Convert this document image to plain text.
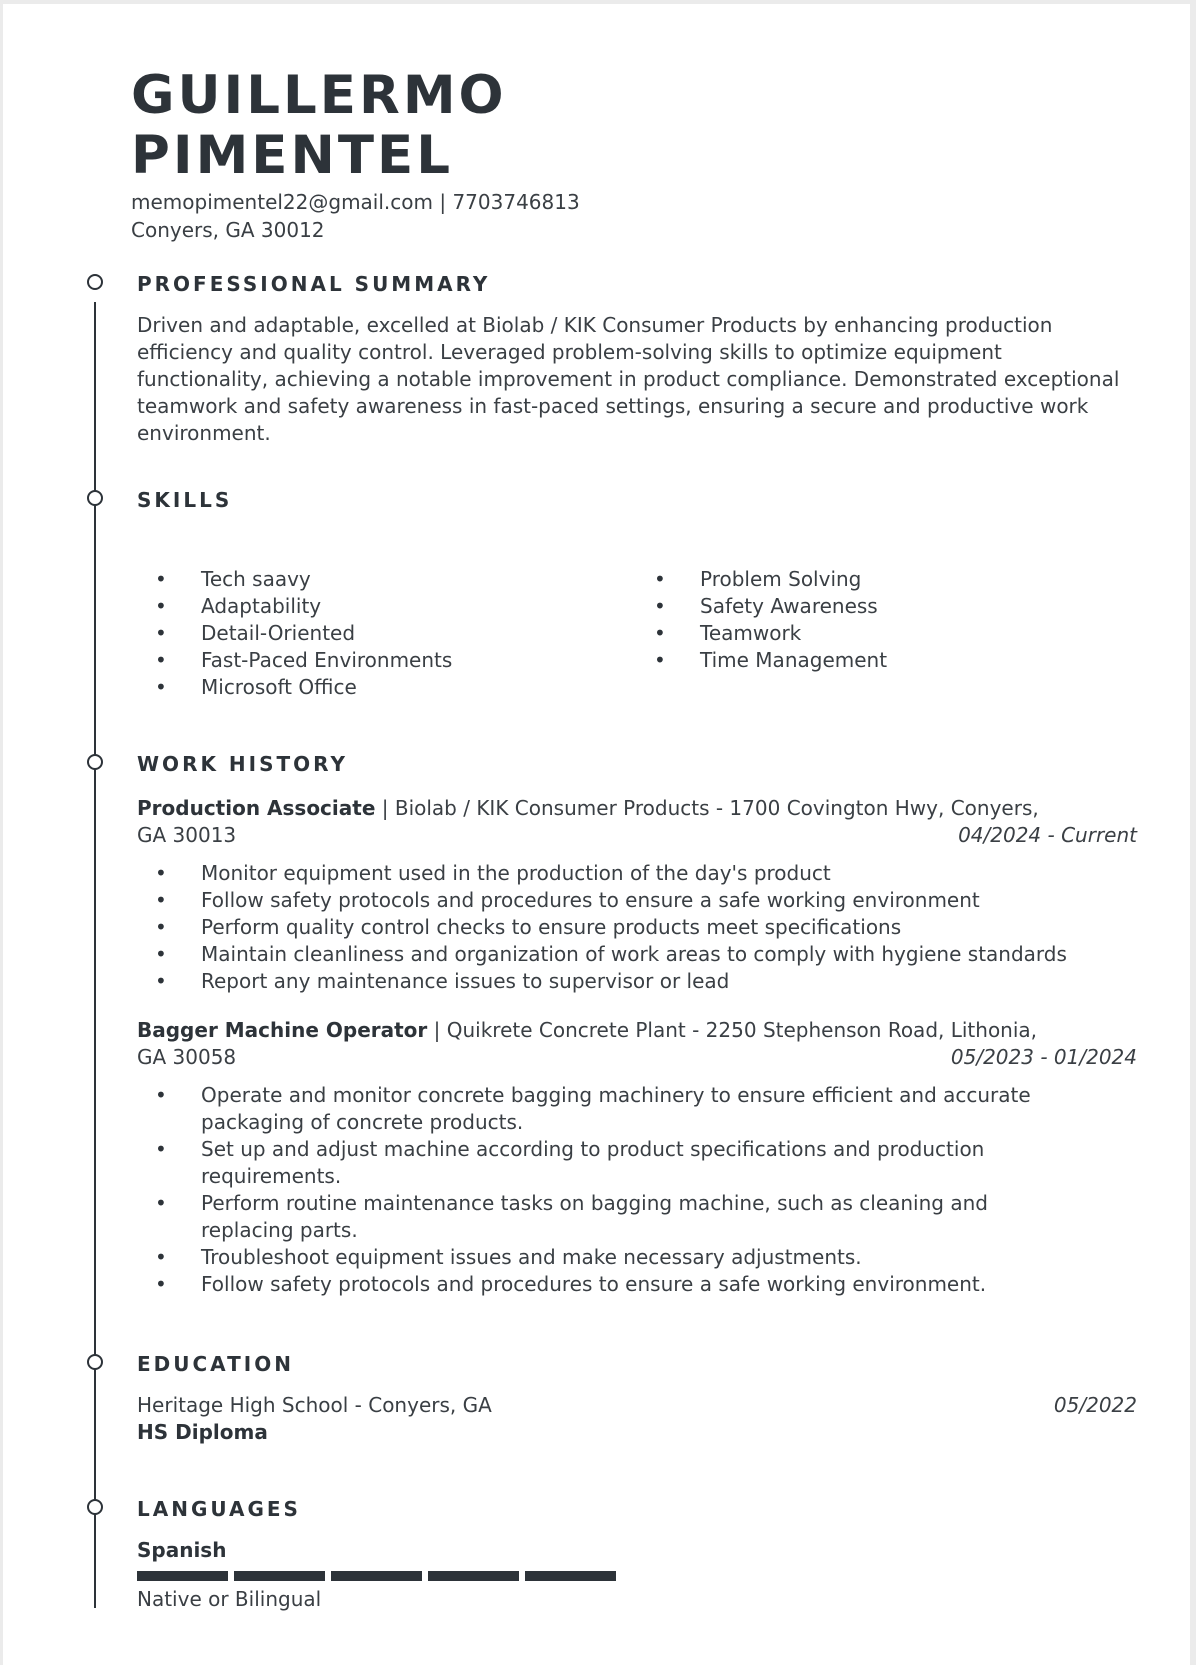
GUILLERMO
PIMENTEL
memopimentel22@gmail.com | 7703746813
Conyers, GA 30012
PROFESSIONAL SUMMARY
Driven and adaptable, excelled at Biolab / KIK Consumer Products by enhancing production efficiency and quality control. Leveraged problem-solving skills to optimize equipment functionality, achieving a notable improvement in product compliance. Demonstrated exceptional teamwork and safety awareness in fast-paced settings, ensuring a secure and productive work environment.
SKILLS
• Tech saavy
• Adaptability
• Detail-Oriented
• Fast-Paced Environments
• Microsoft Office
• Problem Solving
• Safety Awareness
• Teamwork
• Time Management
WORK HISTORY
Production Associate | Biolab / KIK Consumer Products - 1700 Covington Hwy, Conyers,
GA 30013	04/2024 - Current
• Monitor equipment used in the production of the day's product
• Follow safety protocols and procedures to ensure a safe working environment
• Perform quality control checks to ensure products meet specifications
• Maintain cleanliness and organization of work areas to comply with hygiene standards
• Report any maintenance issues to supervisor or lead
Bagger Machine Operator | Quikrete Concrete Plant - 2250 Stephenson Road, Lithonia,
GA 30058	05/2023 - 01/2024
• Operate and monitor concrete bagging machinery to ensure efficient and accurate packaging of concrete products.
• Set up and adjust machine according to product specifications and production requirements.
• Perform routine maintenance tasks on bagging machine, such as cleaning and replacing parts.
• Troubleshoot equipment issues and make necessary adjustments.
• Follow safety protocols and procedures to ensure a safe working environment.
EDUCATION
Heritage High School - Conyers, GA
HS Diploma
05/2022
LANGUAGES
Spanish
Native or Bilingual
